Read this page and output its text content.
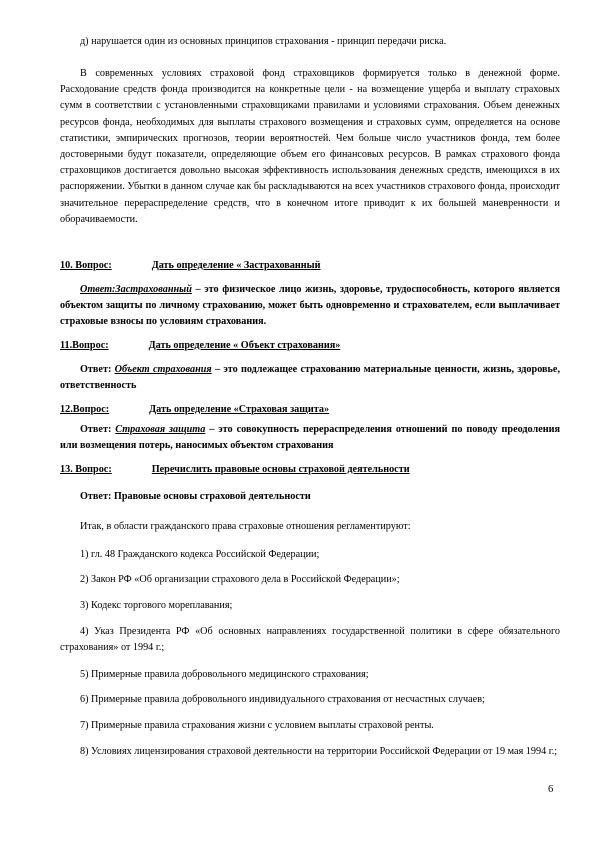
д) нарушается один из основных принципов страхования - принцип передачи риска.

В современных условиях страховой фонд страховщиков формируется только в денежной форме. Расходование средств фонда производится на конкретные цели - на возмещение ущерба и выплату страховых сумм в соответствии с установленными страховщиками правилами и условиями страхования. Объем денежных ресурсов фонда, необходимых для выплаты страхового возмещения и страховых сумм, определяется на основе статистики, эмпирических прогнозов, теории вероятностей. Чем больше число участников фонда, тем более достоверными будут показатели, определяющие объем его финансовых ресурсов. В рамках страхового фонда страховщиков достигается довольно высокая эффективность использования денежных средств, имеющихся в их распоряжении. Убытки в данном случае как бы раскладываются на всех участников страхового фонда, происходит значительное перераспределение средств, что в конечном итоге приводит к их большей маневренности и оборачиваемости.

10. Вопрос:	Дать определение « Застрахованный

Ответ:Застрахованный – это физическое лицо жизнь, здоровье, трудоспособность, которого является объектом защиты по личному страхованию, может быть одновременно и страхователем, если выплачивает страховые взносы по условиям страхования.

11.Вопрос:	Дать определение « Объект страхования»

Ответ: Объект страхования – это подлежащее страхованию материальные ценности, жизнь, здоровье, ответственность

12.Вопрос:	Дать определение «Страховая защита»

Ответ: Страховая защита – это совокупность перераспределения отношений по поводу преодоления или возмещения потерь, наносимых объектом страхования

13. Вопрос:	Перечислить правовые основы страховой деятельности

Ответ: Правовые основы страховой деятельности

Итак, в области гражданского права страховые отношения регламентируют:

1) гл. 48 Гражданского кодекса Российской Федерации;

2) Закон РФ «Об организации страхового дела в Российской Федерации»;

3) Кодекс торгового мореплавания;

4) Указ Президента РФ «Об основных направлениях государственной политики в сфере обязательного страхования» от 1994 г.;

5) Примерные правила добровольного медицинского страхования;

6) Примерные правила добровольного индивидуального страхования от несчастных случаев;

7) Примерные правила страхования жизни с условием выплаты страховой ренты.

8) Условиях лицензирования страховой деятельности на территории Российской Федерации от 19 мая 1994 г.;

6
